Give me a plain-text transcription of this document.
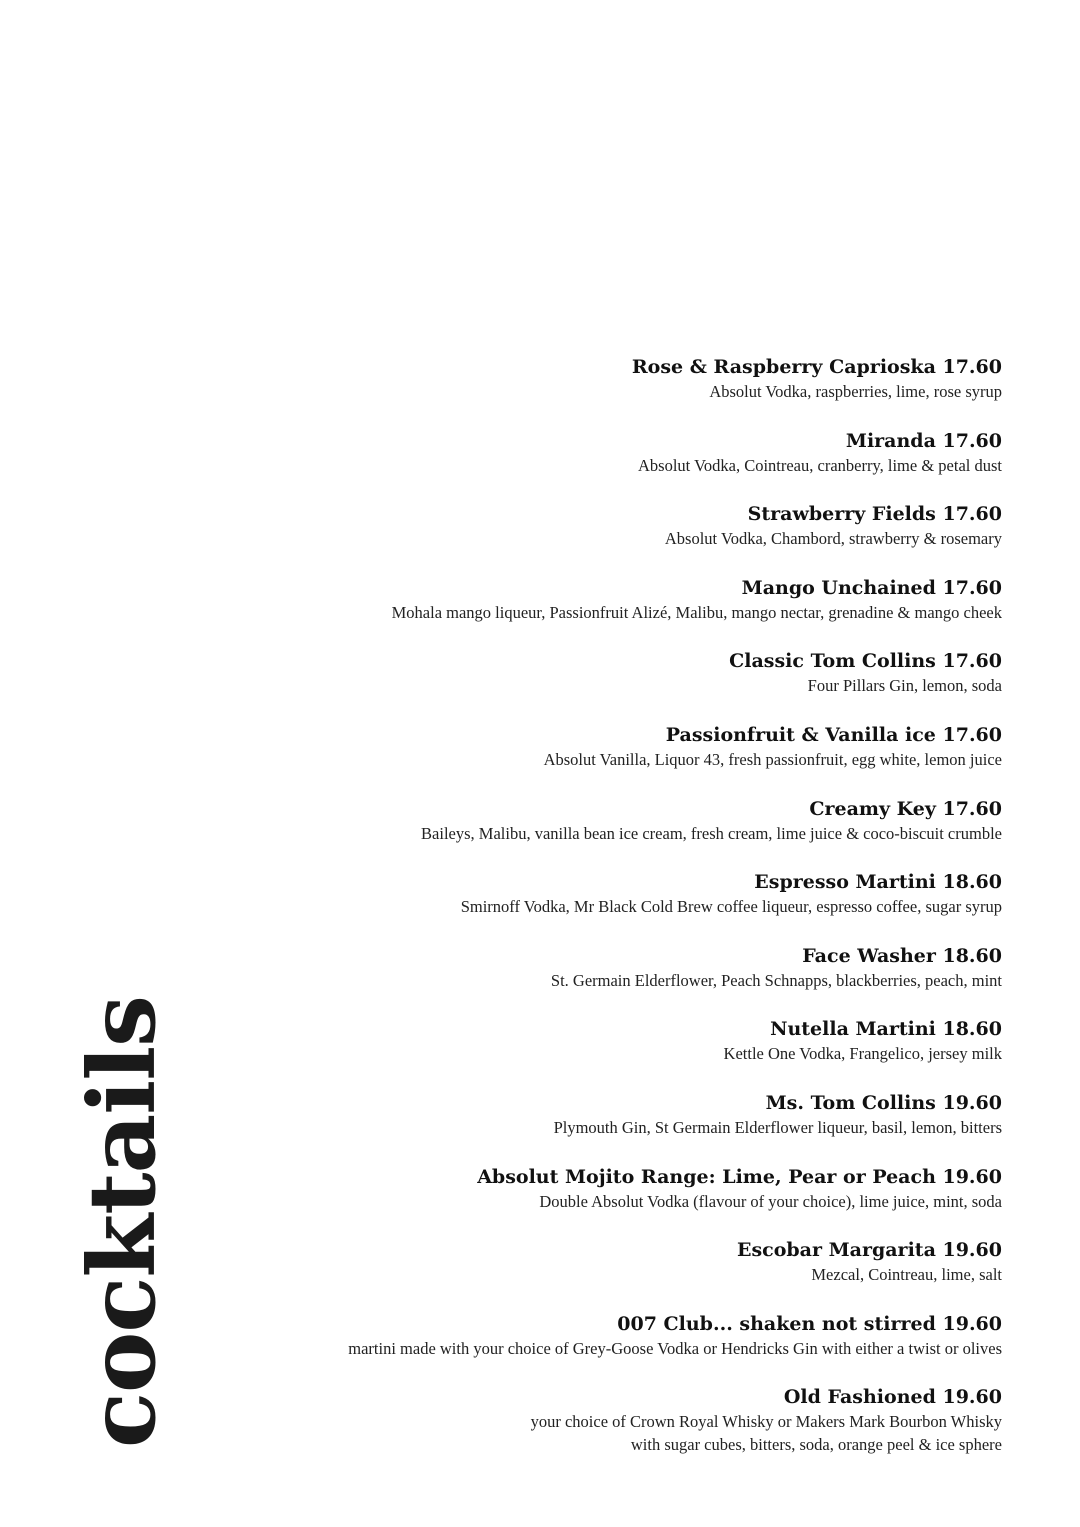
cocktails
Rose & Raspberry Caprioska 17.60
Absolut Vodka, raspberries, lime, rose syrup
Miranda 17.60
Absolut Vodka, Cointreau, cranberry, lime & petal dust
Strawberry Fields 17.60
Absolut Vodka, Chambord, strawberry & rosemary
Mango Unchained 17.60
Mohala mango liqueur, Passionfruit Alizé, Malibu, mango nectar, grenadine & mango cheek
Classic Tom Collins 17.60
Four Pillars Gin, lemon, soda
Passionfruit & Vanilla ice 17.60
Absolut Vanilla, Liquor 43, fresh passionfruit, egg white, lemon juice
Creamy Key 17.60
Baileys, Malibu, vanilla bean ice cream, fresh cream, lime juice & coco-biscuit crumble
Espresso Martini 18.60
Smirnoff Vodka, Mr Black Cold Brew coffee liqueur, espresso coffee, sugar syrup
Face Washer 18.60
St. Germain Elderflower, Peach Schnapps, blackberries, peach, mint
Nutella Martini 18.60
Kettle One Vodka, Frangelico, jersey milk
Ms. Tom Collins 19.60
Plymouth Gin, St Germain Elderflower liqueur, basil, lemon, bitters
Absolut Mojito Range: Lime, Pear or Peach 19.60
Double Absolut Vodka (flavour of your choice), lime juice, mint, soda
Escobar Margarita 19.60
Mezcal, Cointreau, lime, salt
007 Club... shaken not stirred 19.60
martini made with your choice of Grey-Goose Vodka or Hendricks Gin with either a twist or olives
Old Fashioned 19.60
your choice of Crown Royal Whisky or Makers Mark Bourbon Whisky
with sugar cubes, bitters, soda, orange peel & ice sphere
